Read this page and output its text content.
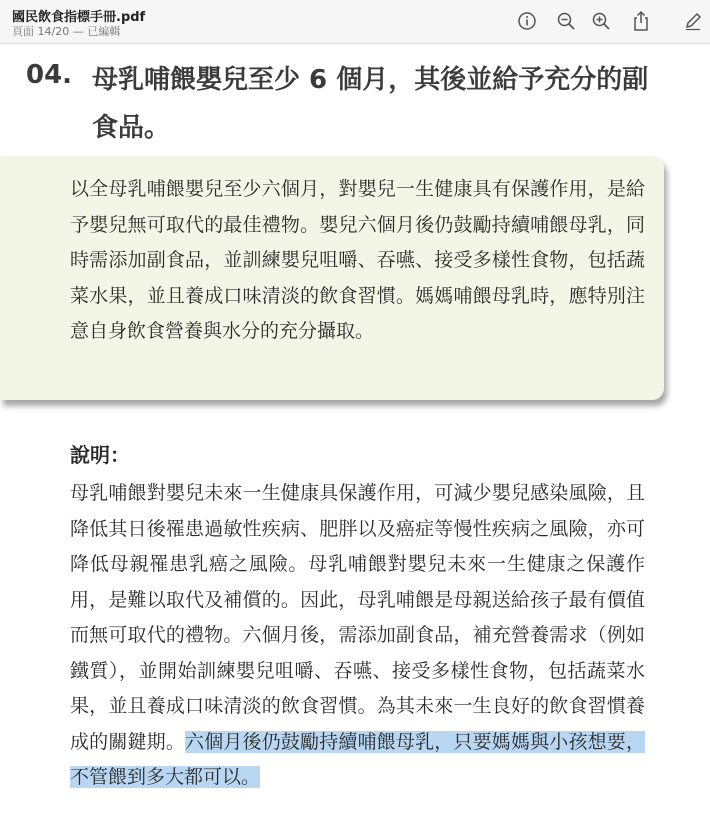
國民飲食指標手冊.pdf
頁面 14/20 — 已編輯
04. 母乳哺餵嬰兒至少 6 個月，其後並給予充分的副食品。
以全母乳哺餵嬰兒至少六個月，對嬰兒一生健康具有保護作用，是給予嬰兒無可取代的最佳禮物。嬰兒六個月後仍鼓勵持續哺餵母乳，同時需添加副食品，並訓練嬰兒咀嚼、吞嚥、接受多樣性食物，包括蔬菜水果，並且養成口味清淡的飲食習慣。媽媽哺餵母乳時，應特別注意自身飲食營養與水分的充分攝取。
說明：
母乳哺餵對嬰兒未來一生健康具保護作用，可減少嬰兒感染風險，且降低其日後罹患過敏性疾病、肥胖以及癌症等慢性疾病之風險，亦可降低母親罹患乳癌之風險。母乳哺餵對嬰兒未來一生健康之保護作用，是難以取代及補償的。因此，母乳哺餵是母親送給孩子最有價值而無可取代的禮物。六個月後，需添加副食品，補充營養需求（例如鐵質），並開始訓練嬰兒咀嚼、吞嚥、接受多樣性食物，包括蔬菜水果，並且養成口味清淡的飲食習慣。為其未來一生良好的飲食習慣養成的關鍵期。六個月後仍鼓勵持續哺餵母乳，只要媽媽與小孩想要，不管餵到多大都可以。
